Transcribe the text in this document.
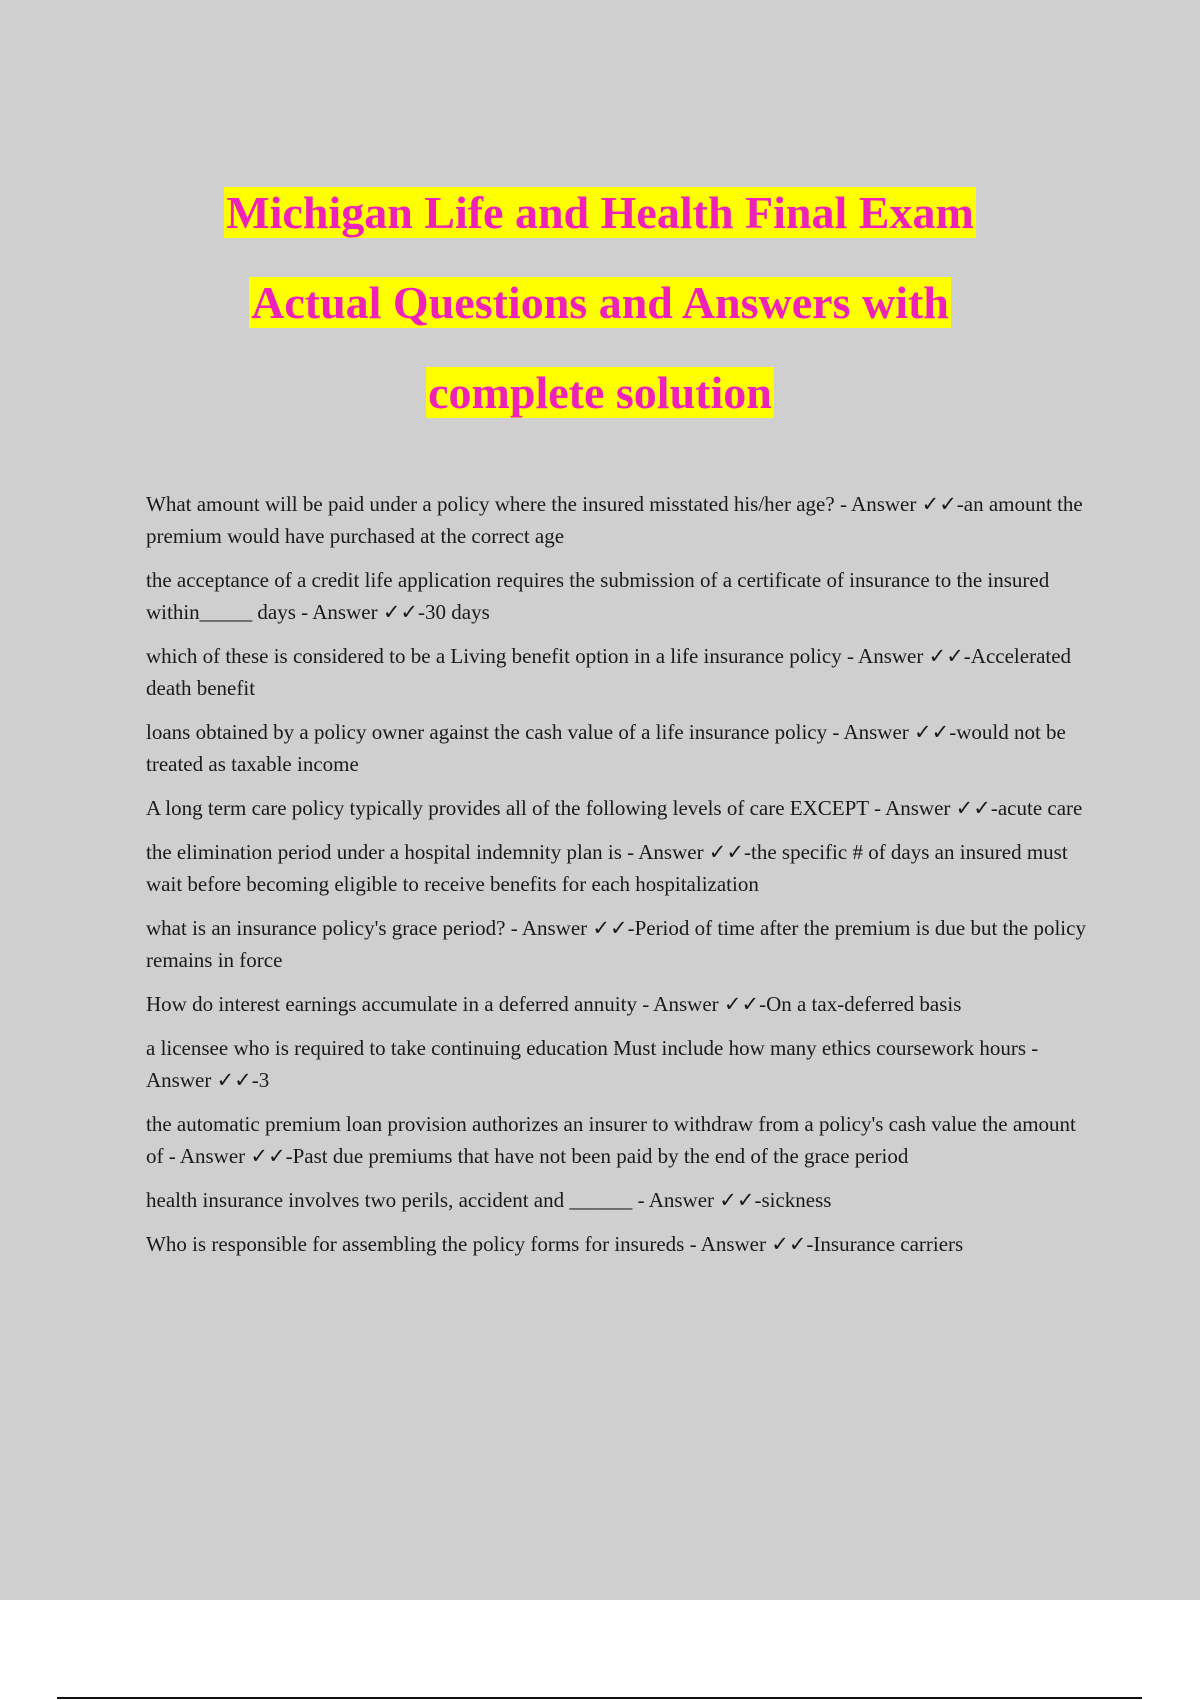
Michigan Life and Health Final Exam
Actual Questions and Answers with
complete solution

What amount will be paid under a policy where the insured misstated his/her age? - Answer ✓✓-an amount the premium would have purchased at the correct age

the acceptance of a credit life application requires the submission of a certificate of insurance to the insured within_____ days - Answer ✓✓-30 days

which of these is considered to be a Living benefit option in a life insurance policy - Answer ✓✓-Accelerated death benefit

loans obtained by a policy owner against the cash value of a life insurance policy - Answer ✓✓-would not be treated as taxable income

A long term care policy typically provides all of the following levels of care EXCEPT - Answer ✓✓-acute care

the elimination period under a hospital indemnity plan is - Answer ✓✓-the specific # of days an insured must wait before becoming eligible to receive benefits for each hospitalization

what is an insurance policy's grace period? - Answer ✓✓-Period of time after the premium is due but the policy remains in force

How do interest earnings accumulate in a deferred annuity - Answer ✓✓-On a tax-deferred basis

a licensee who is required to take continuing education Must include how many ethics coursework hours - Answer ✓✓-3

the automatic premium loan provision authorizes an insurer to withdraw from a policy's cash value the amount of - Answer ✓✓-Past due premiums that have not been paid by the end of the grace period

health insurance involves two perils, accident and ______ - Answer ✓✓-sickness

Who is responsible for assembling the policy forms for insureds - Answer ✓✓-Insurance carriers
